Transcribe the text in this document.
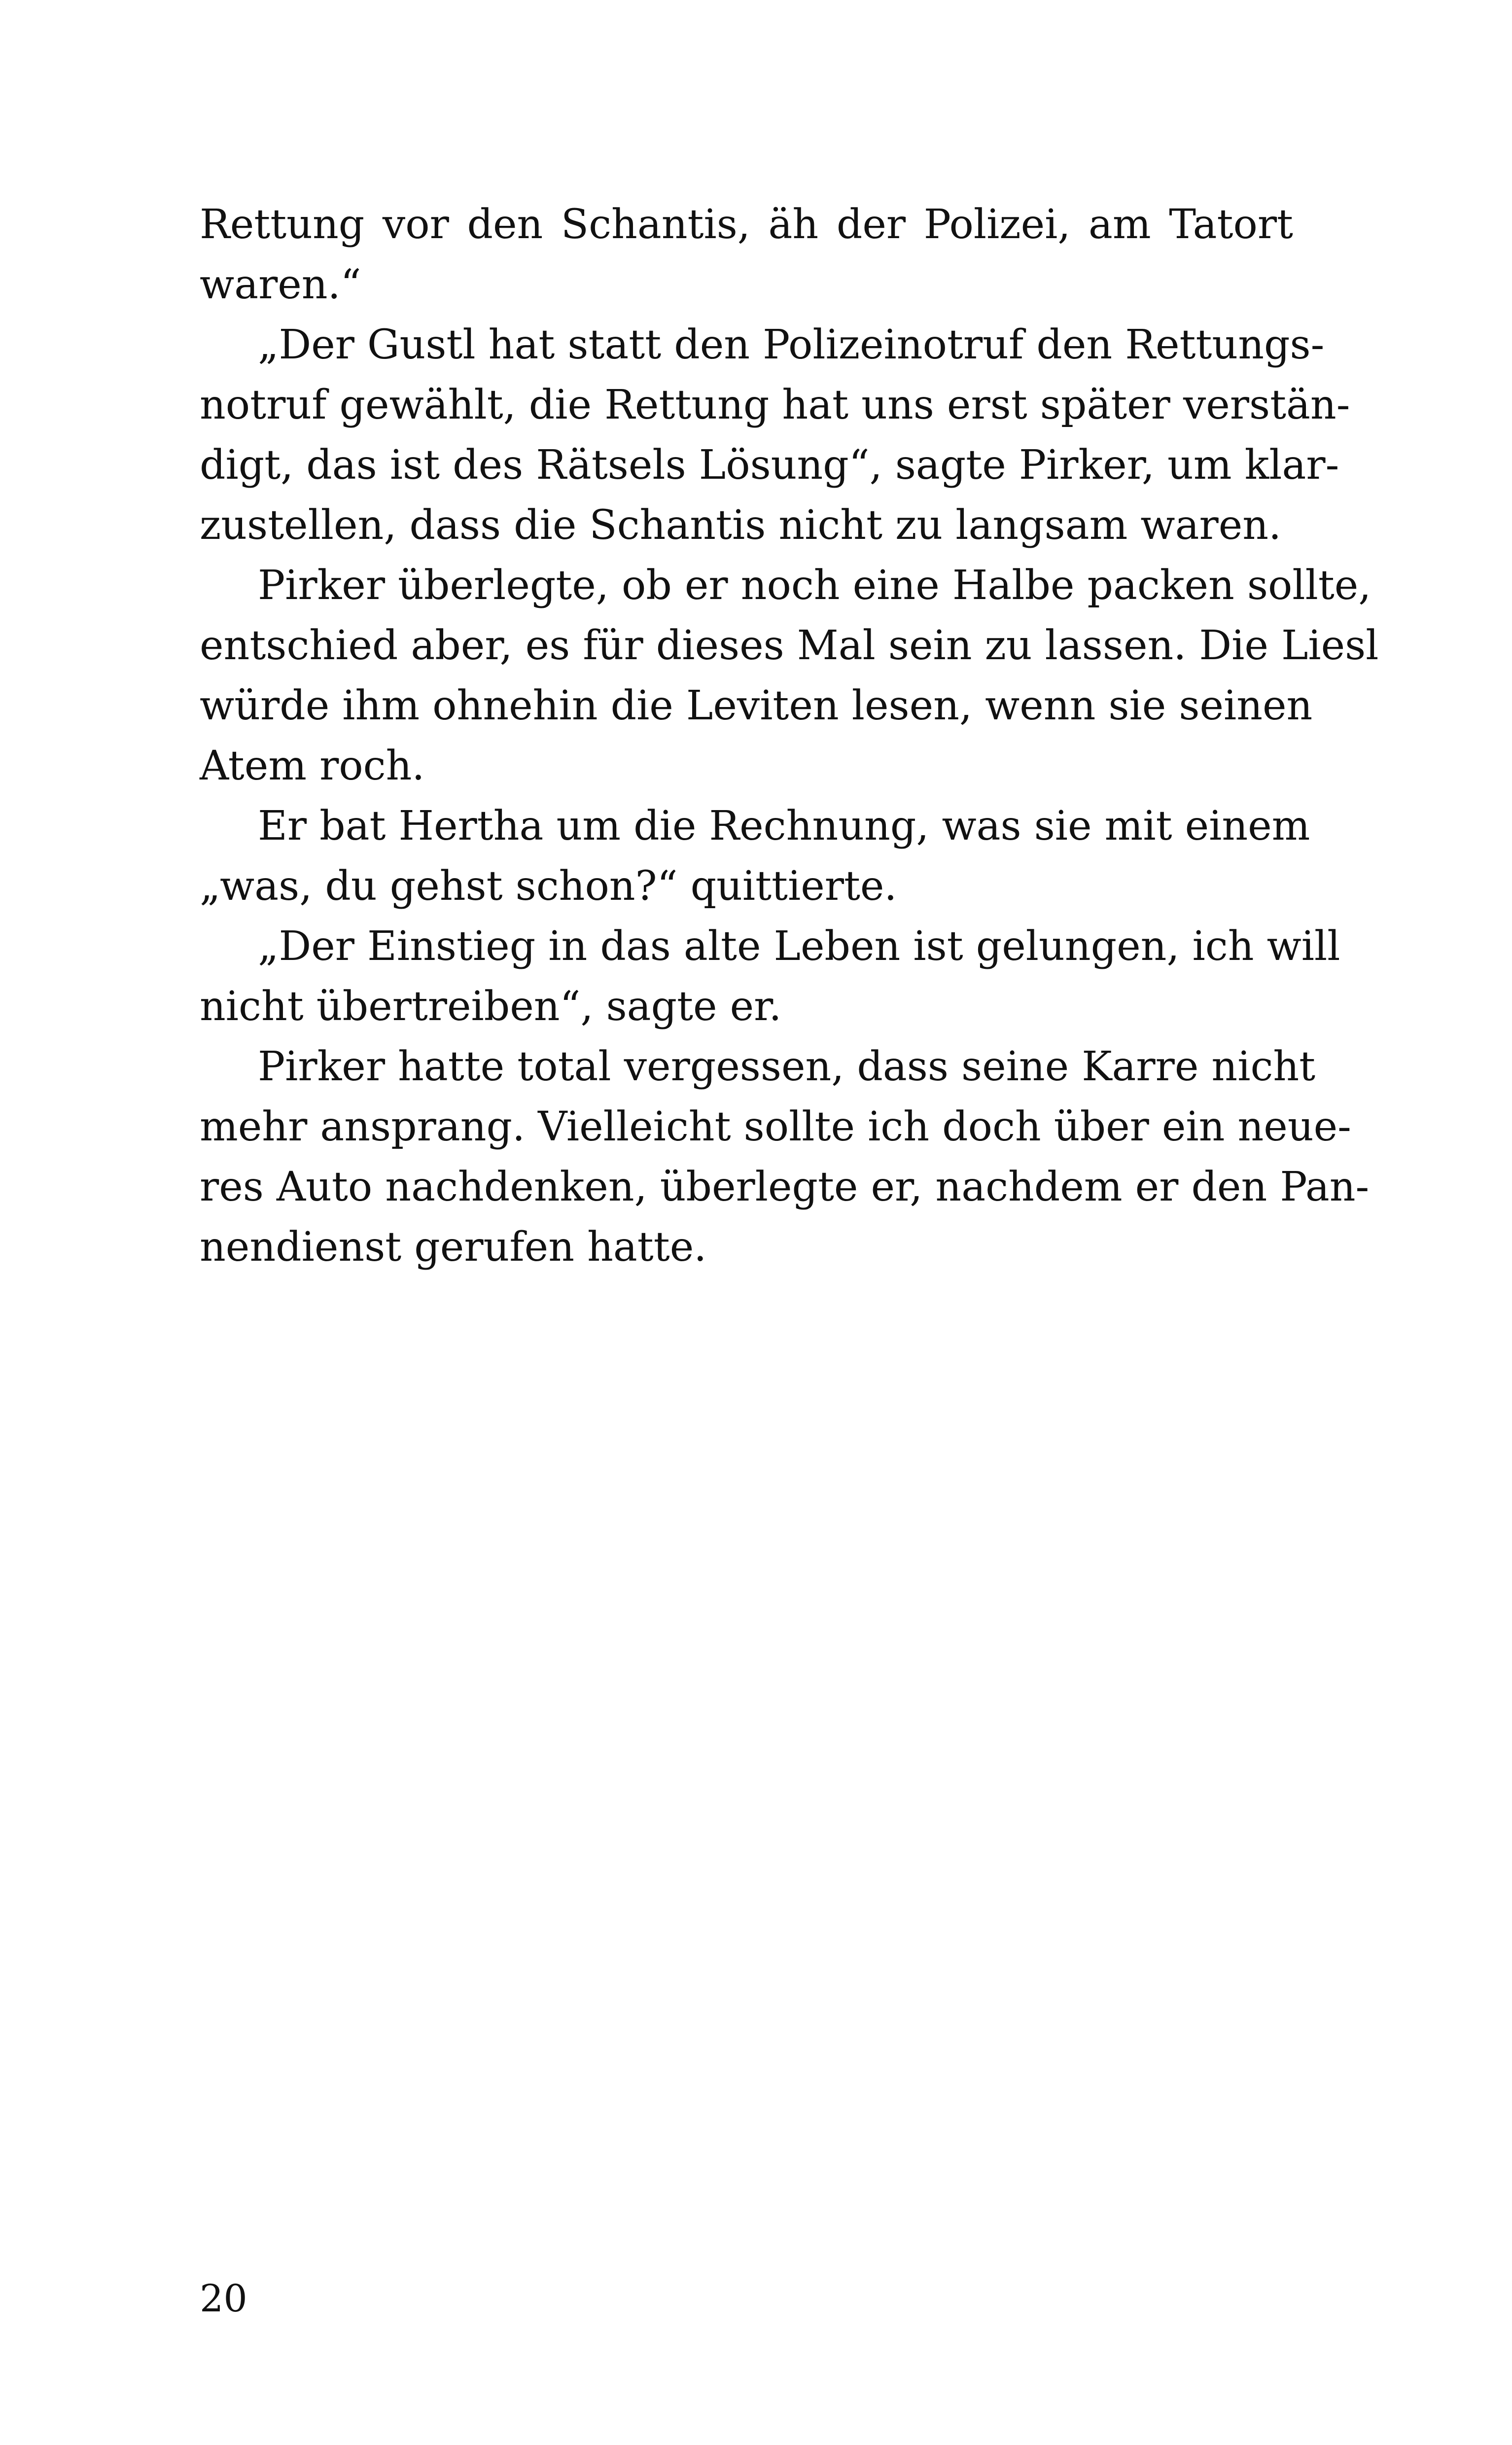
Rettung vor den Schantis, äh der Polizei, am Tatort
waren.“
„Der Gustl hat statt den Polizeinotruf den Rettungs-
notruf gewählt, die Rettung hat uns erst später verstän-
digt, das ist des Rätsels Lösung“, sagte Pirker, um klar-
zustellen, dass die Schantis nicht zu langsam waren.
Pirker überlegte, ob er noch eine Halbe packen sollte,
entschied aber, es für dieses Mal sein zu lassen. Die Liesl
würde ihm ohnehin die Leviten lesen, wenn sie seinen
Atem roch.
Er bat Hertha um die Rechnung, was sie mit einem
„was, du gehst schon?“ quittierte.
„Der Einstieg in das alte Leben ist gelungen, ich will
nicht übertreiben“, sagte er.
Pirker hatte total vergessen, dass seine Karre nicht
mehr ansprang. Vielleicht sollte ich doch über ein neue-
res Auto nachdenken, überlegte er, nachdem er den Pan-
nendienst gerufen hatte.
20
